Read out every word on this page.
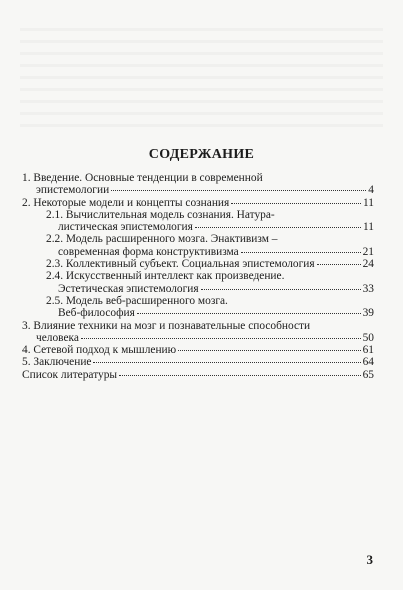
СОДЕРЖАНИЕ
1. Введение. Основные тенденции в современной
эпистемологии	4
2. Некоторые модели и концепты сознания	11
2.1. Вычислительная модель сознания. Натура-
листическая эпистемология	11
2.2. Модель расширенного мозга. Энактивизм –
современная форма конструктивизма	21
2.3. Коллективный субъект. Социальная эпистемология	24
2.4. Искусственный интеллект как произведение.
Эстетическая эпистемология	33
2.5. Модель веб-расширенного мозга.
Веб-философия	39
3. Влияние техники на мозг и познавательные способности
человека	50
4. Сетевой подход к мышлению	61
5. Заключение	64
Список литературы	65
3
